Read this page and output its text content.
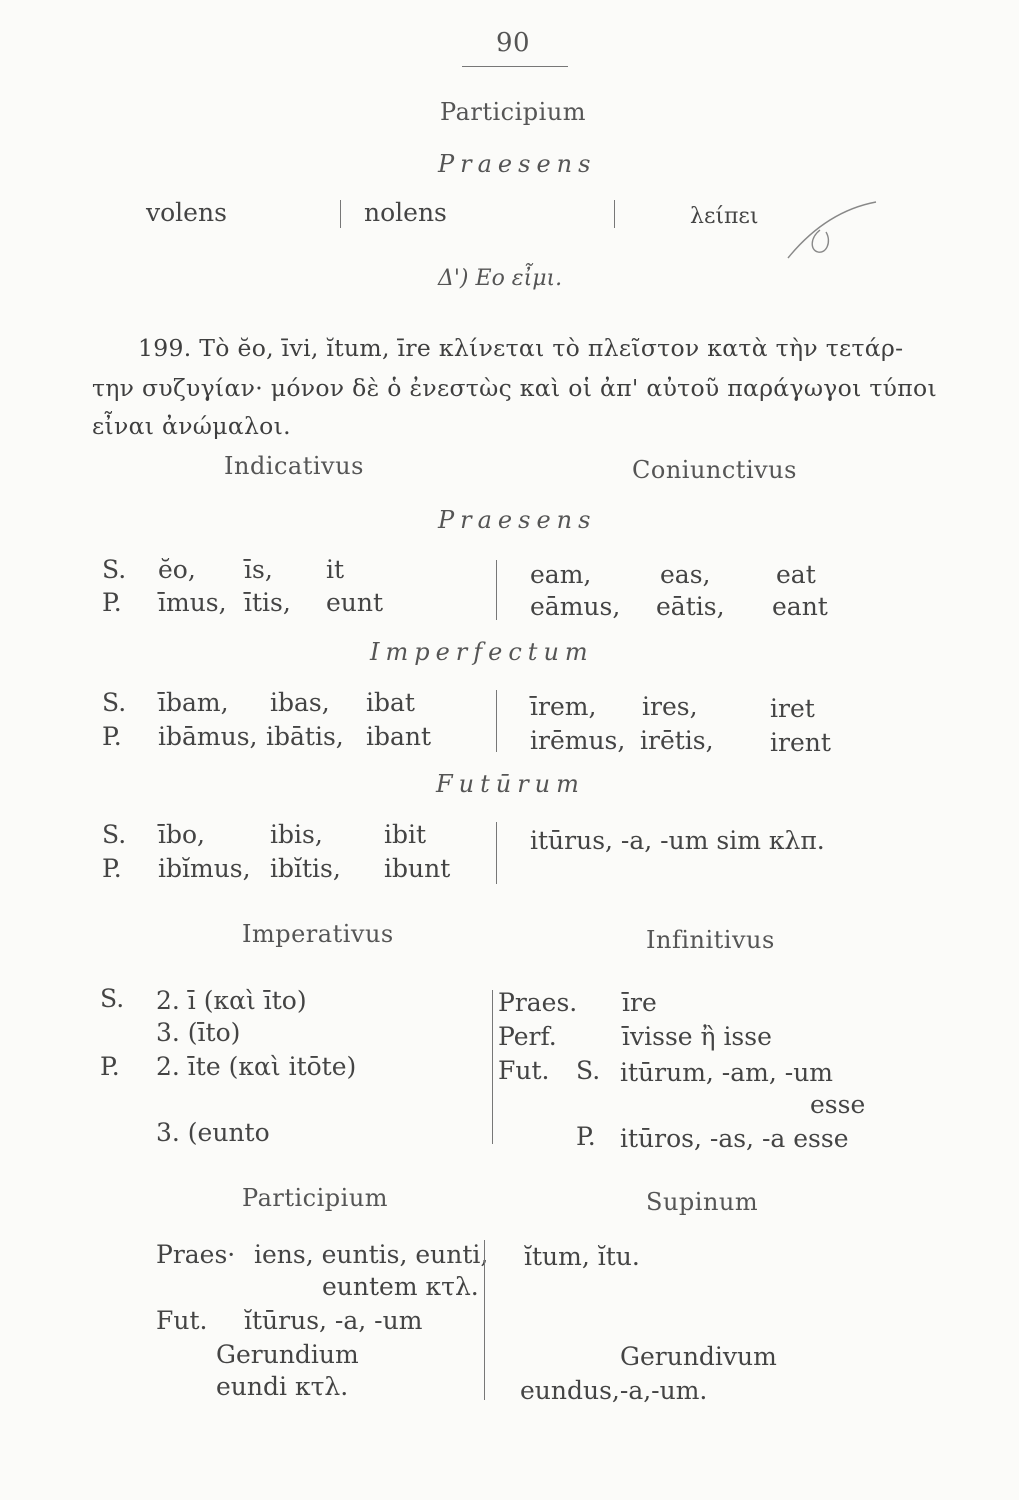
90
Participium
Praesens
volens	nolens	λείπει
Δ') Eo εἶμι.
199. Τὸ ĕo, īvi, ĭtum, īre κλίνεται τὸ πλεῖστον κατὰ τὴν τετάρ-
την συζυγίαν· μόνον δὲ ὁ ἐνεστὼς καὶ οἱ ἀπ' αὐτοῦ παράγωγοι τύποι
εἶναι ἀνώμαλοι.
Indicativus	Coniunctivus
Praesens
S. ĕo, īs, it
P. īmus, ītis, eunt
eam,	eas,	eat
eāmus, eātis, eant
Imperfectum
S. ībam, ibas, ibat
P. ibāmus, ibātis, ibant
īrem, ires,	iret
irēmus, irētis, irent
Futūrum
S. ībo,	ibis, ibit
P. ibĭmus, ibĭtis, ibunt
itūrus, -a, -um sim κλπ.
Imperativus	Infinitivus
S. 2. ī (καὶ īto)
3. (īto)
P. 2. īte (καὶ itōte)
3. (eunto
Praes. īre
Perf.	īvisse ἢ isse
Fut. S. itūrum, -am, -um
esse
P. itūros, -as, -a esse
Participium	Supinum
Praes· iens, euntis, eunti,
euntem κτλ.
Fut. ĭtūrus, -a, -um
Gerundium
eundi κτλ.
ĭtum, ĭtu.
Gerundivum
eundus,-a,-um.
